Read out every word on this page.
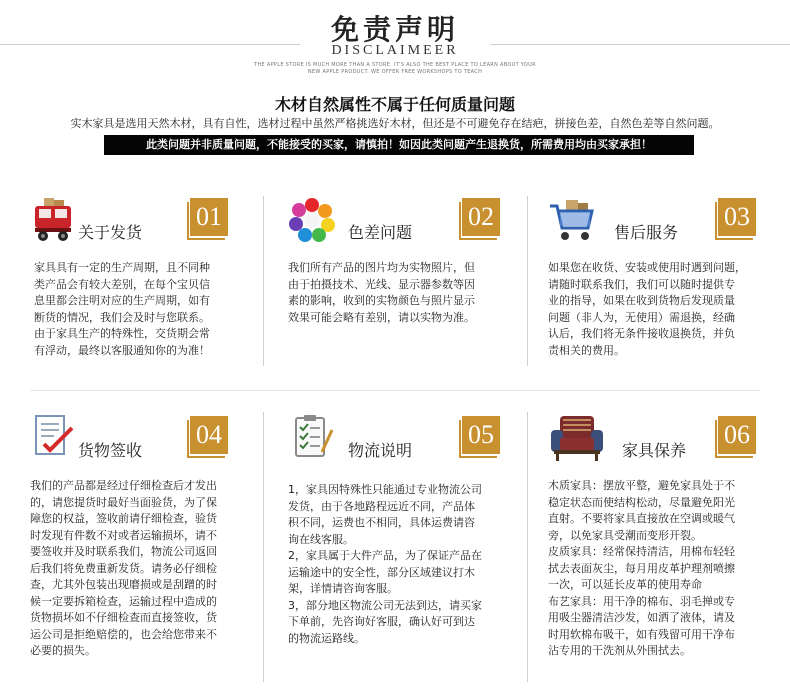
免责声明
DISCLAIMEER
THE APPLE STORE IS MUCH MORE THAN A STORE. IT'S ALSO THE BEST PLACE TO LEARN ABOUT YOUR
NEW APPLE PRODUCT. WE OFFER FREE WORKSHOPS TO TEACH
木材自然属性不属于任何质量问题
实木家具是选用天然木材，具有自性，选材过程中虽然严格挑选好木材，但还是不可避免存在结疤，拼接色差，自然色差等自然问题。
此类问题并非质量问题，不能接受的买家，请慎拍！如因此类问题产生退换货，所需费用均由买家承担！
关于发货
01

家具具有一定的生产周期，且不同种

类产品会有较大差别，在每个宝贝信

息里都会注明对应的生产周期，如有

断货的情况，我们会及时与您联系。

由于家具生产的特殊性，交货期会常

有浮动，最终以客服通知你的为准！

色差问题
02

我们所有产品的图片均为实物照片，但

由于拍摄技术、光线、显示器参数等因

素的影响，收到的实物颜色与照片显示

效果可能会略有差别，请以实物为准。

售后服务
03

如果您在收货、安装或使用时遇到问题，

请随时联系我们，我们可以随时提供专

业的指导，如果在收到货物后发现质量

问题（非人为，无使用）需退换，经确

认后，我们将无条件接收退换货，并负

责相关的费用。

货物签收
04

我们的产品都是经过仔细检查后才发出

的，请您提货时最好当面验货，为了保

障您的权益，签收前请仔细检查，验货

时发现有件数不对或者运输损坏，请不

要签收并及时联系我们，物流公司返回

后我们将免费重新发货。请务必仔细检

查，尤其外包装出现磨损或是刮蹭的时

候一定要拆箱检查，运输过程中造成的

货物损坏如不仔细检查而直接签收，货

运公司是拒绝赔偿的，也会给您带来不

必要的损失。

物流说明
05

1，家具因特殊性只能通过专业物流公司

发货，由于各地路程远近不同，产品体

积不同，运费也不相同，具体运费请咨

询在线客服。

2，家具属于大件产品，为了保证产品在

运输途中的安全性，部分区域建议打木

架，详情请咨询客服。

3，部分地区物流公司无法到达，请买家

下单前，先咨询好客服，确认好可到达

的物流运路线。

家具保养
06

木质家具：摆放平整，避免家具处于不

稳定状态而使结构松动，尽量避免阳光

直射。不要将家具直接放在空调或暖气

旁，以免家具受潮而变形开裂。

皮质家具：经常保持清洁，用棉布轻轻

拭去表面灰尘，每月用皮革护理剂喷擦

一次，可以延长皮革的使用寿命

布艺家具：用干净的棉布、羽毛掸或专

用吸尘器清洁沙发，如洒了液体，请及

时用软棉布吸干，如有残留可用干净布

沾专用的干洗剂从外围拭去。
